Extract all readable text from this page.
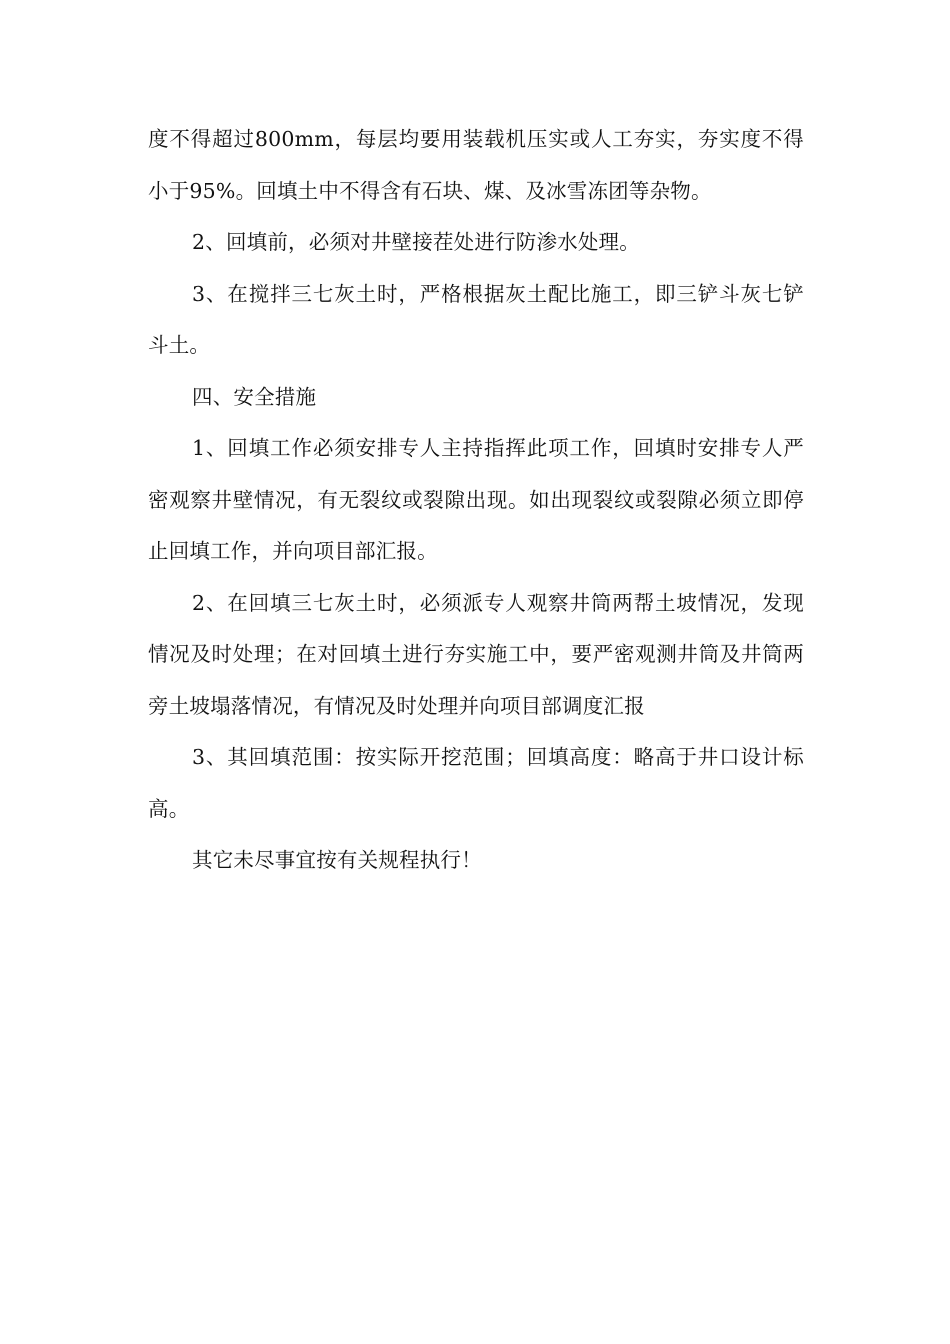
度不得超过800mm，每层均要用装载机压实或人工夯实，夯实度不得小于95%。回填土中不得含有石块、煤、及冰雪冻团等杂物。

2、回填前，必须对井壁接茬处进行防渗水处理。

3、在搅拌三七灰土时，严格根据灰土配比施工，即三铲斗灰七铲斗土。

四、安全措施

1、回填工作必须安排专人主持指挥此项工作，回填时安排专人严密观察井壁情况，有无裂纹或裂隙出现。如出现裂纹或裂隙必须立即停止回填工作，并向项目部汇报。

2、在回填三七灰土时，必须派专人观察井筒两帮土坡情况，发现情况及时处理；在对回填土进行夯实施工中，要严密观测井筒及井筒两旁土坡塌落情况，有情况及时处理并向项目部调度汇报

3、其回填范围：按实际开挖范围；回填高度：略高于井口设计标高。

其它未尽事宜按有关规程执行！
